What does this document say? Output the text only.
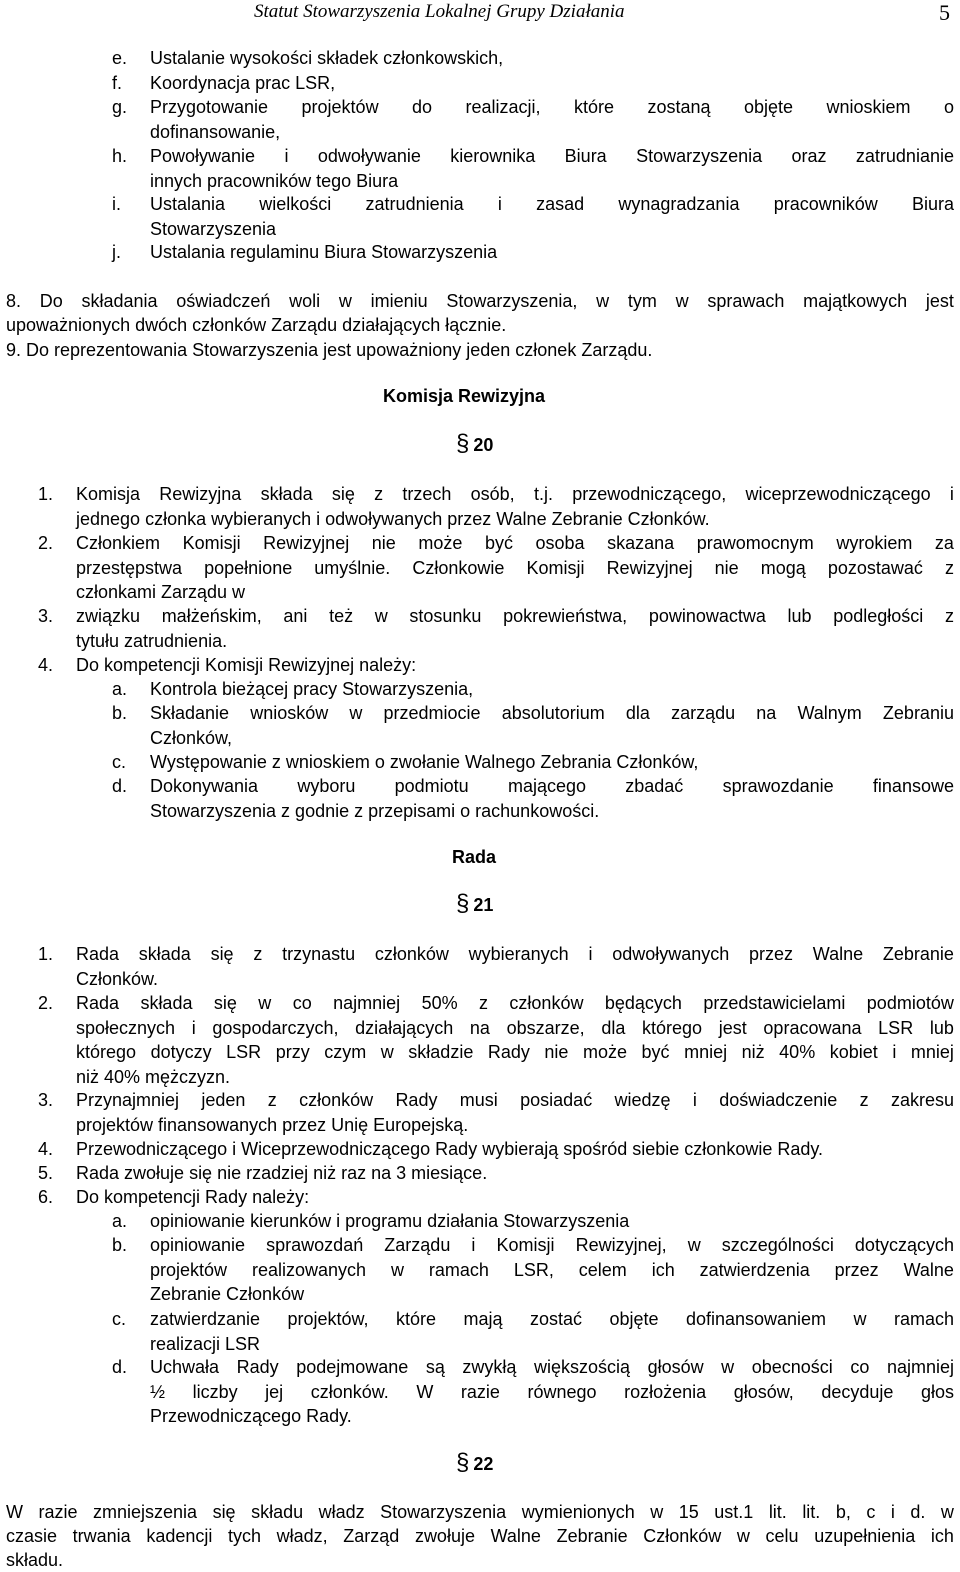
Statut Stowarzyszenia Lokalnej Grupy Działania	5
e. Ustalanie wysokości składek członkowskich,
f. Koordynacja prac LSR,
g. Przygotowanie projektów do realizacji, które zostaną objęte wnioskiem o
dofinansowanie,
h. Powoływanie i odwoływanie kierownika Biura Stowarzyszenia oraz zatrudnianie
innych pracowników tego Biura
i. Ustalania wielkości zatrudnienia i zasad wynagradzania pracowników Biura
Stowarzyszenia
j. Ustalania regulaminu Biura Stowarzyszenia
8. Do składania oświadczeń woli w imieniu Stowarzyszenia, w tym w sprawach majątkowych jest
upoważnionych dwóch członków Zarządu działających łącznie.
9. Do reprezentowania Stowarzyszenia jest upoważniony jeden członek Zarządu.
Komisja Rewizyjna
§ 20
1. Komisja Rewizyjna składa się z trzech osób, t.j. przewodniczącego, wiceprzewodniczącego i
jednego członka wybieranych i odwoływanych przez Walne Zebranie Członków.
2. Członkiem Komisji Rewizyjnej nie może być osoba skazana prawomocnym wyrokiem za
przestępstwa popełnione umyślnie. Członkowie Komisji Rewizyjnej nie mogą pozostawać z
członkami Zarządu w
3. związku małżeńskim, ani też w stosunku pokrewieństwa, powinowactwa lub podległości z
tytułu zatrudnienia.
4. Do kompetencji Komisji Rewizyjnej należy:
a. Kontrola bieżącej pracy Stowarzyszenia,
b. Składanie wniosków w przedmiocie absolutorium dla zarządu na Walnym Zebraniu
Członków,
c. Występowanie z wnioskiem o zwołanie Walnego Zebrania Członków,
d. Dokonywania wyboru podmiotu mającego zbadać sprawozdanie finansowe
Stowarzyszenia z godnie z przepisami o rachunkowości.
Rada
§ 21
1. Rada składa się z trzynastu członków wybieranych i odwoływanych przez Walne Zebranie
Członków.
2. Rada składa się w co najmniej 50% z członków będących przedstawicielami podmiotów
społecznych i gospodarczych, działających na obszarze, dla którego jest opracowana LSR lub
którego dotyczy LSR przy czym w składzie Rady nie może być mniej niż 40% kobiet i mniej
niż 40% mężczyzn.
3. Przynajmniej jeden z członków Rady musi posiadać wiedzę i doświadczenie z zakresu
projektów finansowanych przez Unię Europejską.
4. Przewodniczącego i Wiceprzewodniczącego Rady wybierają spośród siebie członkowie Rady.
5. Rada zwołuje się nie rzadziej niż raz na 3 miesiące.
6. Do kompetencji Rady należy:
a. opiniowanie kierunków i programu działania Stowarzyszenia
b. opiniowanie sprawozdań Zarządu i Komisji Rewizyjnej, w szczególności dotyczących
projektów realizowanych w ramach LSR, celem ich zatwierdzenia przez Walne
Zebranie Członków
c. zatwierdzanie projektów, które mają zostać objęte dofinansowaniem w ramach
realizacji LSR
d. Uchwała Rady podejmowane są zwykłą większością głosów w obecności co najmniej
½ liczby jej członków. W razie równego rozłożenia głosów, decyduje głos
Przewodniczącego Rady.
§ 22
W razie zmniejszenia się składu władz Stowarzyszenia wymienionych w 15 ust.1 lit. lit. b, c i d. w
czasie trwania kadencji tych władz, Zarząd zwołuje Walne Zebranie Członków w celu uzupełnienia ich
składu.
